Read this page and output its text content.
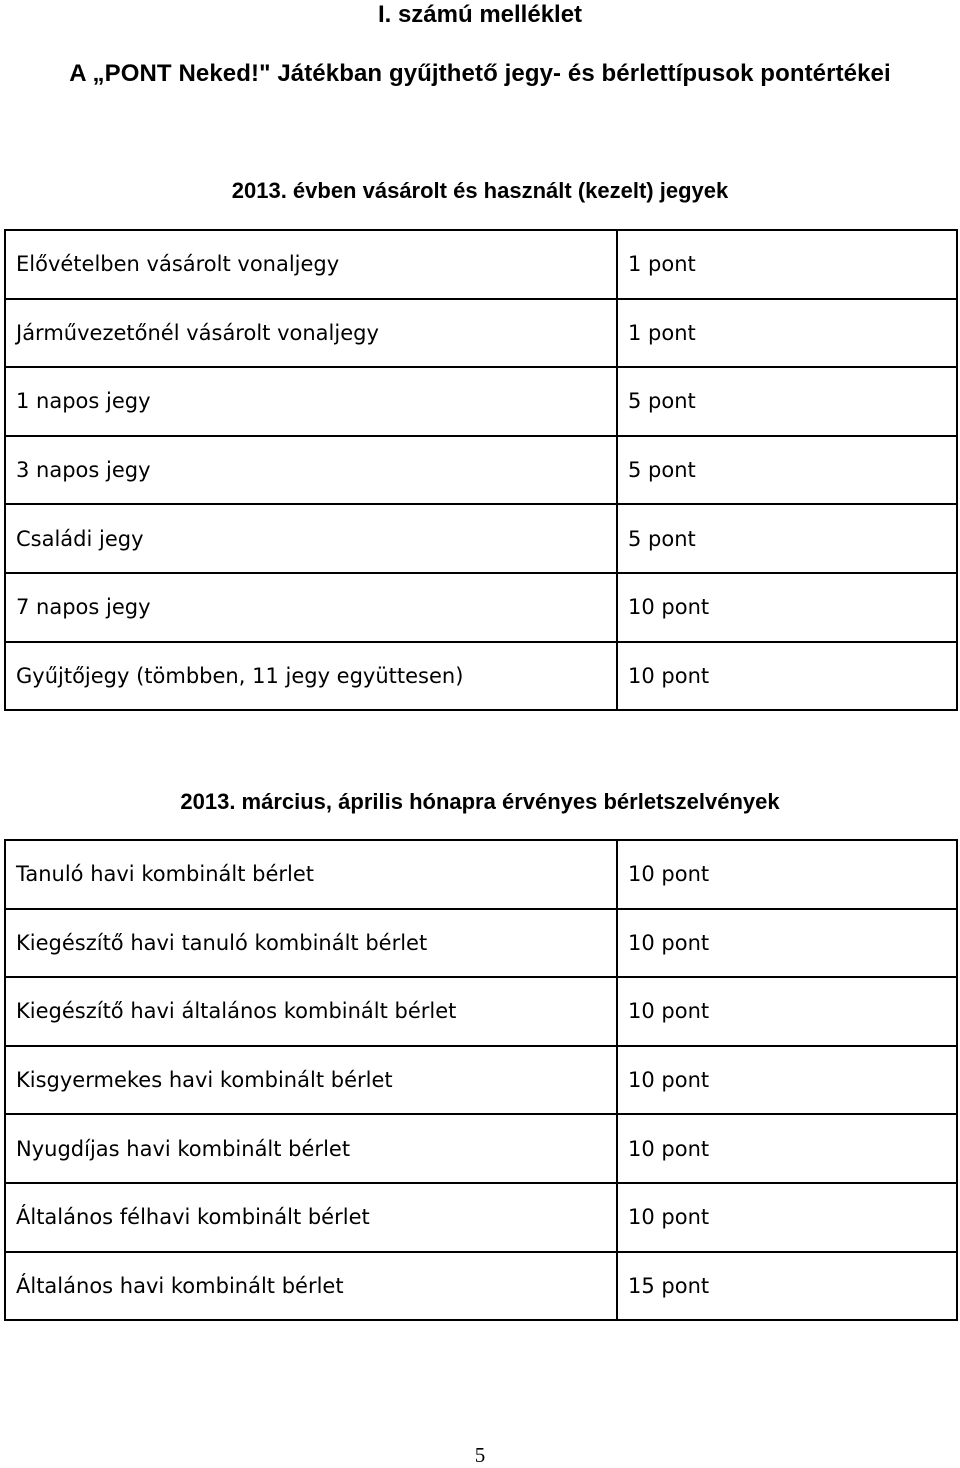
I. számú melléklet
A „PONT Neked!" Játékban gyűjthető jegy- és bérlettípusok pontértékei
2013. évben vásárolt és használt (kezelt) jegyek
Elővételben vásárolt vonaljegy	1 pont
Járművezetőnél vásárolt vonaljegy	1 pont
1 napos jegy	5 pont
3 napos jegy	5 pont
Családi jegy	5 pont
7 napos jegy	10 pont
Gyűjtőjegy (tömbben, 11 jegy együttesen)	10 pont
2013. március, április hónapra érvényes bérletszelvények
Tanuló havi kombinált bérlet	10 pont
Kiegészítő havi tanuló kombinált bérlet	10 pont
Kiegészítő havi általános kombinált bérlet	10 pont
Kisgyermekes havi kombinált bérlet	10 pont
Nyugdíjas havi kombinált bérlet	10 pont
Általános félhavi kombinált bérlet	10 pont
Általános havi kombinált bérlet	15 pont

5
